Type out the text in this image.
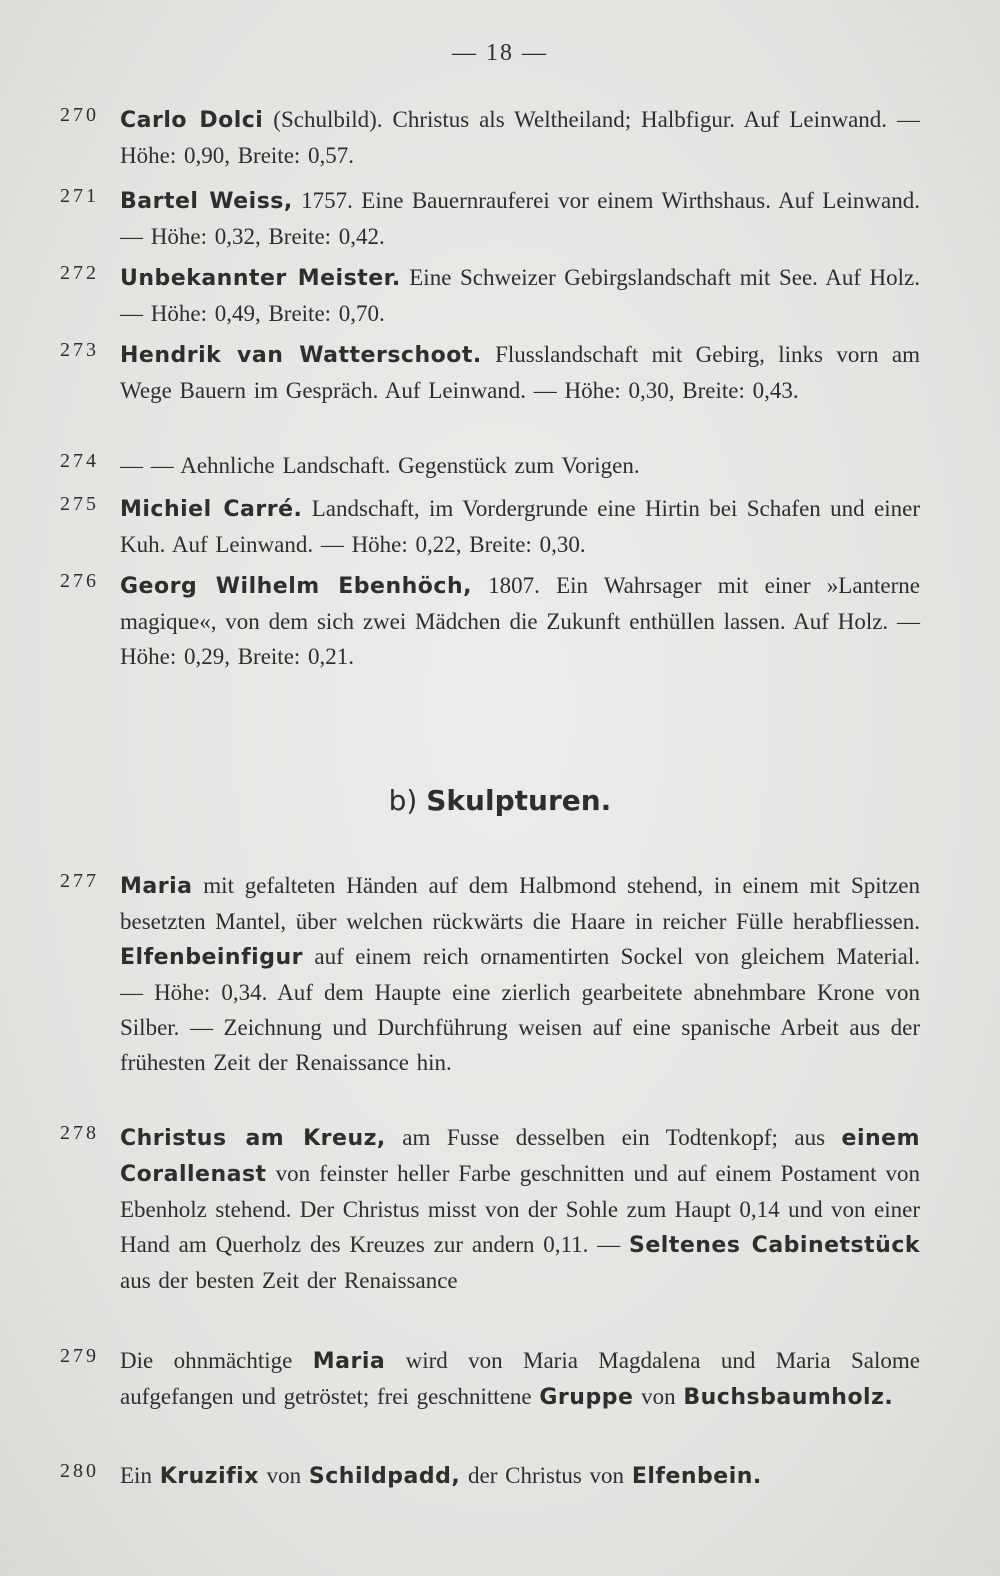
— 18 —
270 Carlo Dolci (Schulbild). Christus als Weltheiland; Halbfigur. Auf Leinwand. — Höhe: 0,90, Breite: 0,57.
271 Bartel Weiss, 1757. Eine Bauernrauferei vor einem Wirthshaus. Auf Leinwand. — Höhe: 0,32, Breite: 0,42.
272 Unbekannter Meister. Eine Schweizer Gebirgslandschaft mit See. Auf Holz. — Höhe: 0,49, Breite: 0,70.
273 Hendrik van Watterschoot. Flusslandschaft mit Gebirg, links vorn am Wege Bauern im Gespräch. Auf Leinwand. — Höhe: 0,30, Breite: 0,43.
274 — — Aehnliche Landschaft. Gegenstück zum Vorigen.
275 Michiel Carré. Landschaft, im Vordergrunde eine Hirtin bei Schafen und einer Kuh. Auf Leinwand. — Höhe: 0,22, Breite: 0,30.
276 Georg Wilhelm Ebenhöch, 1807. Ein Wahrsager mit einer »Lanterne magique«, von dem sich zwei Mädchen die Zukunft enthüllen lassen. Auf Holz. — Höhe: 0,29, Breite: 0,21.
b) Skulpturen.
277 Maria mit gefalteten Händen auf dem Halbmond stehend, in einem mit Spitzen besetzten Mantel, über welchen rückwärts die Haare in reicher Fülle herabfliessen. Elfenbeinfigur auf einem reich ornamentirten Sockel von gleichem Material. — Höhe: 0,34. Auf dem Haupte eine zierlich gearbeitete abnehmbare Krone von Silber. — Zeichnung und Durchführung weisen auf eine spanische Arbeit aus der frühesten Zeit der Renaissance hin.
278 Christus am Kreuz, am Fusse desselben ein Todtenkopf; aus einem Corallenast von feinster heller Farbe geschnitten und auf einem Postament von Ebenholz stehend. Der Christus misst von der Sohle zum Haupt 0,14 und von einer Hand am Querholz des Kreuzes zur andern 0,11. — Seltenes Cabinetstück aus der besten Zeit der Renaissance
279 Die ohnmächtige Maria wird von Maria Magdalena und Maria Salome aufgefangen und getröstet; frei geschnittene Gruppe von Buchsbaumholz.
280 Ein Kruzifix von Schildpadd, der Christus von Elfenbein.
